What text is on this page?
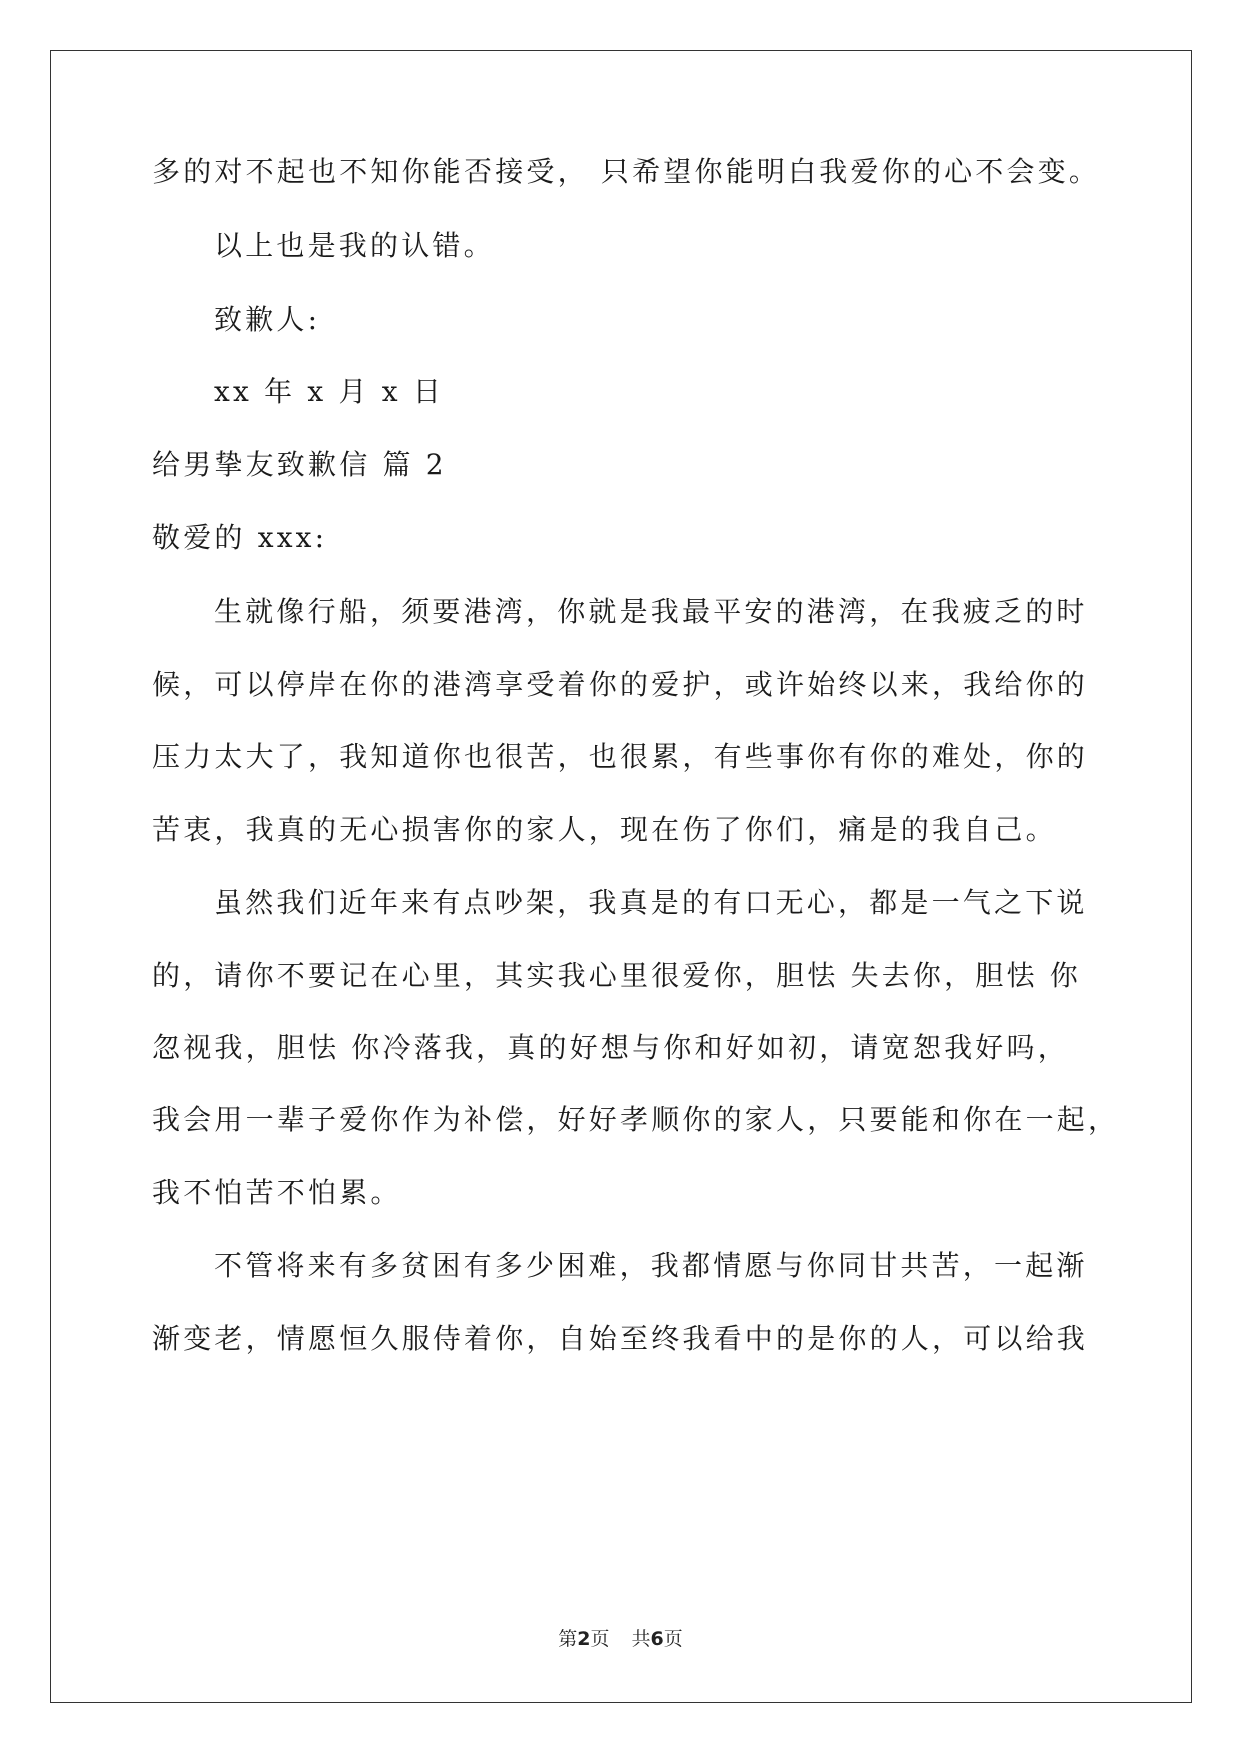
多的对不起也不知你能否接受， 只希望你能明白我爱你的心不会变。
以上也是我的认错。
致歉人:
xx 年 x 月 x 日
给男挚友致歉信 篇 2
敬爱的 xxx:
生就像行船，须要港湾，你就是我最平安的港湾，在我疲乏的时
候，可以停岸在你的港湾享受着你的爱护，或许始终以来，我给你的
压力太大了，我知道你也很苦，也很累，有些事你有你的难处，你的
苦衷，我真的无心损害你的家人，现在伤了你们，痛是的我自己。
虽然我们近年来有点吵架，我真是的有口无心，都是一气之下说
的，请你不要记在心里，其实我心里很爱你，胆怯 失去你，胆怯 你
忽视我，胆怯 你冷落我，真的好想与你和好如初，请宽恕我好吗，
我会用一辈子爱你作为补偿，好好孝顺你的家人，只要能和你在一起，
我不怕苦不怕累。
不管将来有多贫困有多少困难，我都情愿与你同甘共苦，一起渐
渐变老，情愿恒久服侍着你，自始至终我看中的是你的人，可以给我
第2页 共6页
